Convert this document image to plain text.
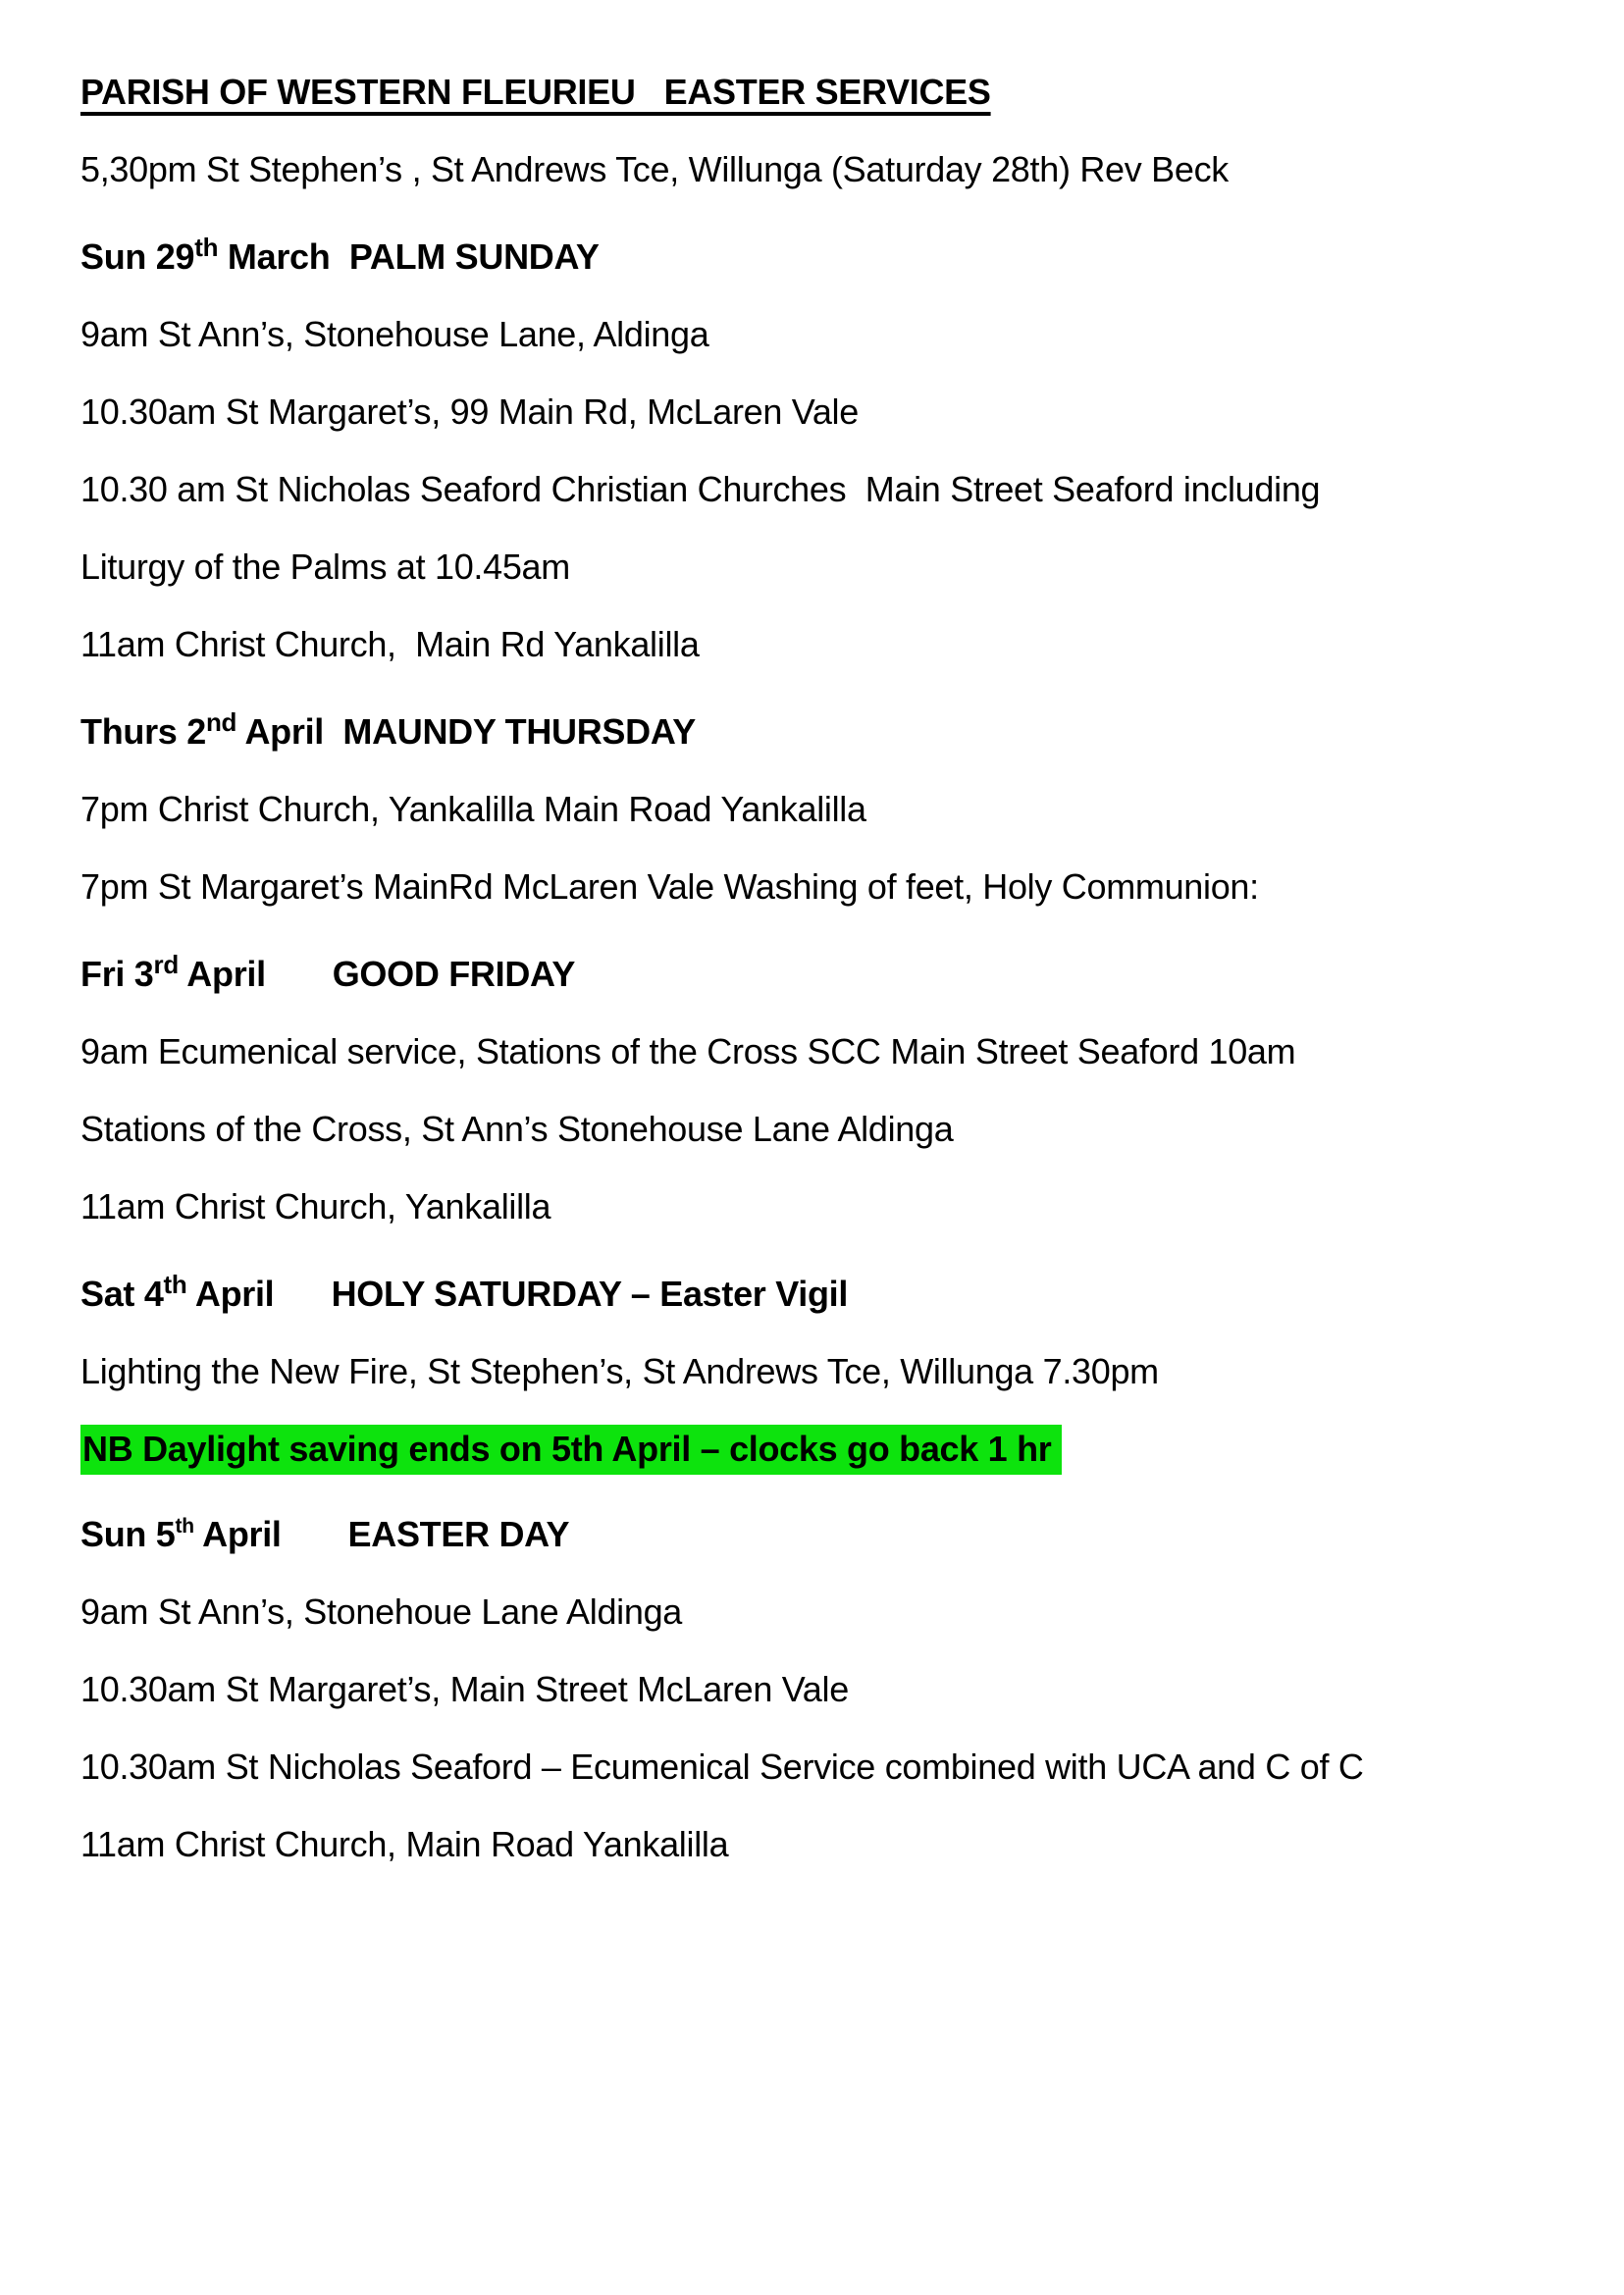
PARISH OF WESTERN FLEURIEU   EASTER SERVICES

5,30pm St Stephen’s , St Andrews Tce, Willunga (Saturday 28th) Rev Beck

Sun 29th March  PALM SUNDAY

9am St Ann’s, Stonehouse Lane, Aldinga

10.30am St Margaret’s, 99 Main Rd, McLaren Vale

10.30 am St Nicholas Seaford Christian Churches  Main Street Seaford including

Liturgy of the Palms at 10.45am

11am Christ Church,  Main Rd Yankalilla

Thurs 2nd April  MAUNDY THURSDAY

7pm Christ Church, Yankalilla Main Road Yankalilla

7pm St Margaret’s MainRd McLaren Vale Washing of feet, Holy Communion:

Fri 3rd April       GOOD FRIDAY

9am Ecumenical service, Stations of the Cross SCC Main Street Seaford 10am

Stations of the Cross, St Ann’s Stonehouse Lane Aldinga

11am Christ Church, Yankalilla

Sat 4th April      HOLY SATURDAY – Easter Vigil

Lighting the New Fire, St Stephen’s, St Andrews Tce, Willunga 7.30pm

NB Daylight saving ends on 5th April – clocks go back 1 hr

Sun 5th April       EASTER DAY

9am St Ann’s, Stonehoue Lane Aldinga

10.30am St Margaret’s, Main Street McLaren Vale

10.30am St Nicholas Seaford – Ecumenical Service combined with UCA and C of C

11am Christ Church, Main Road Yankalilla
